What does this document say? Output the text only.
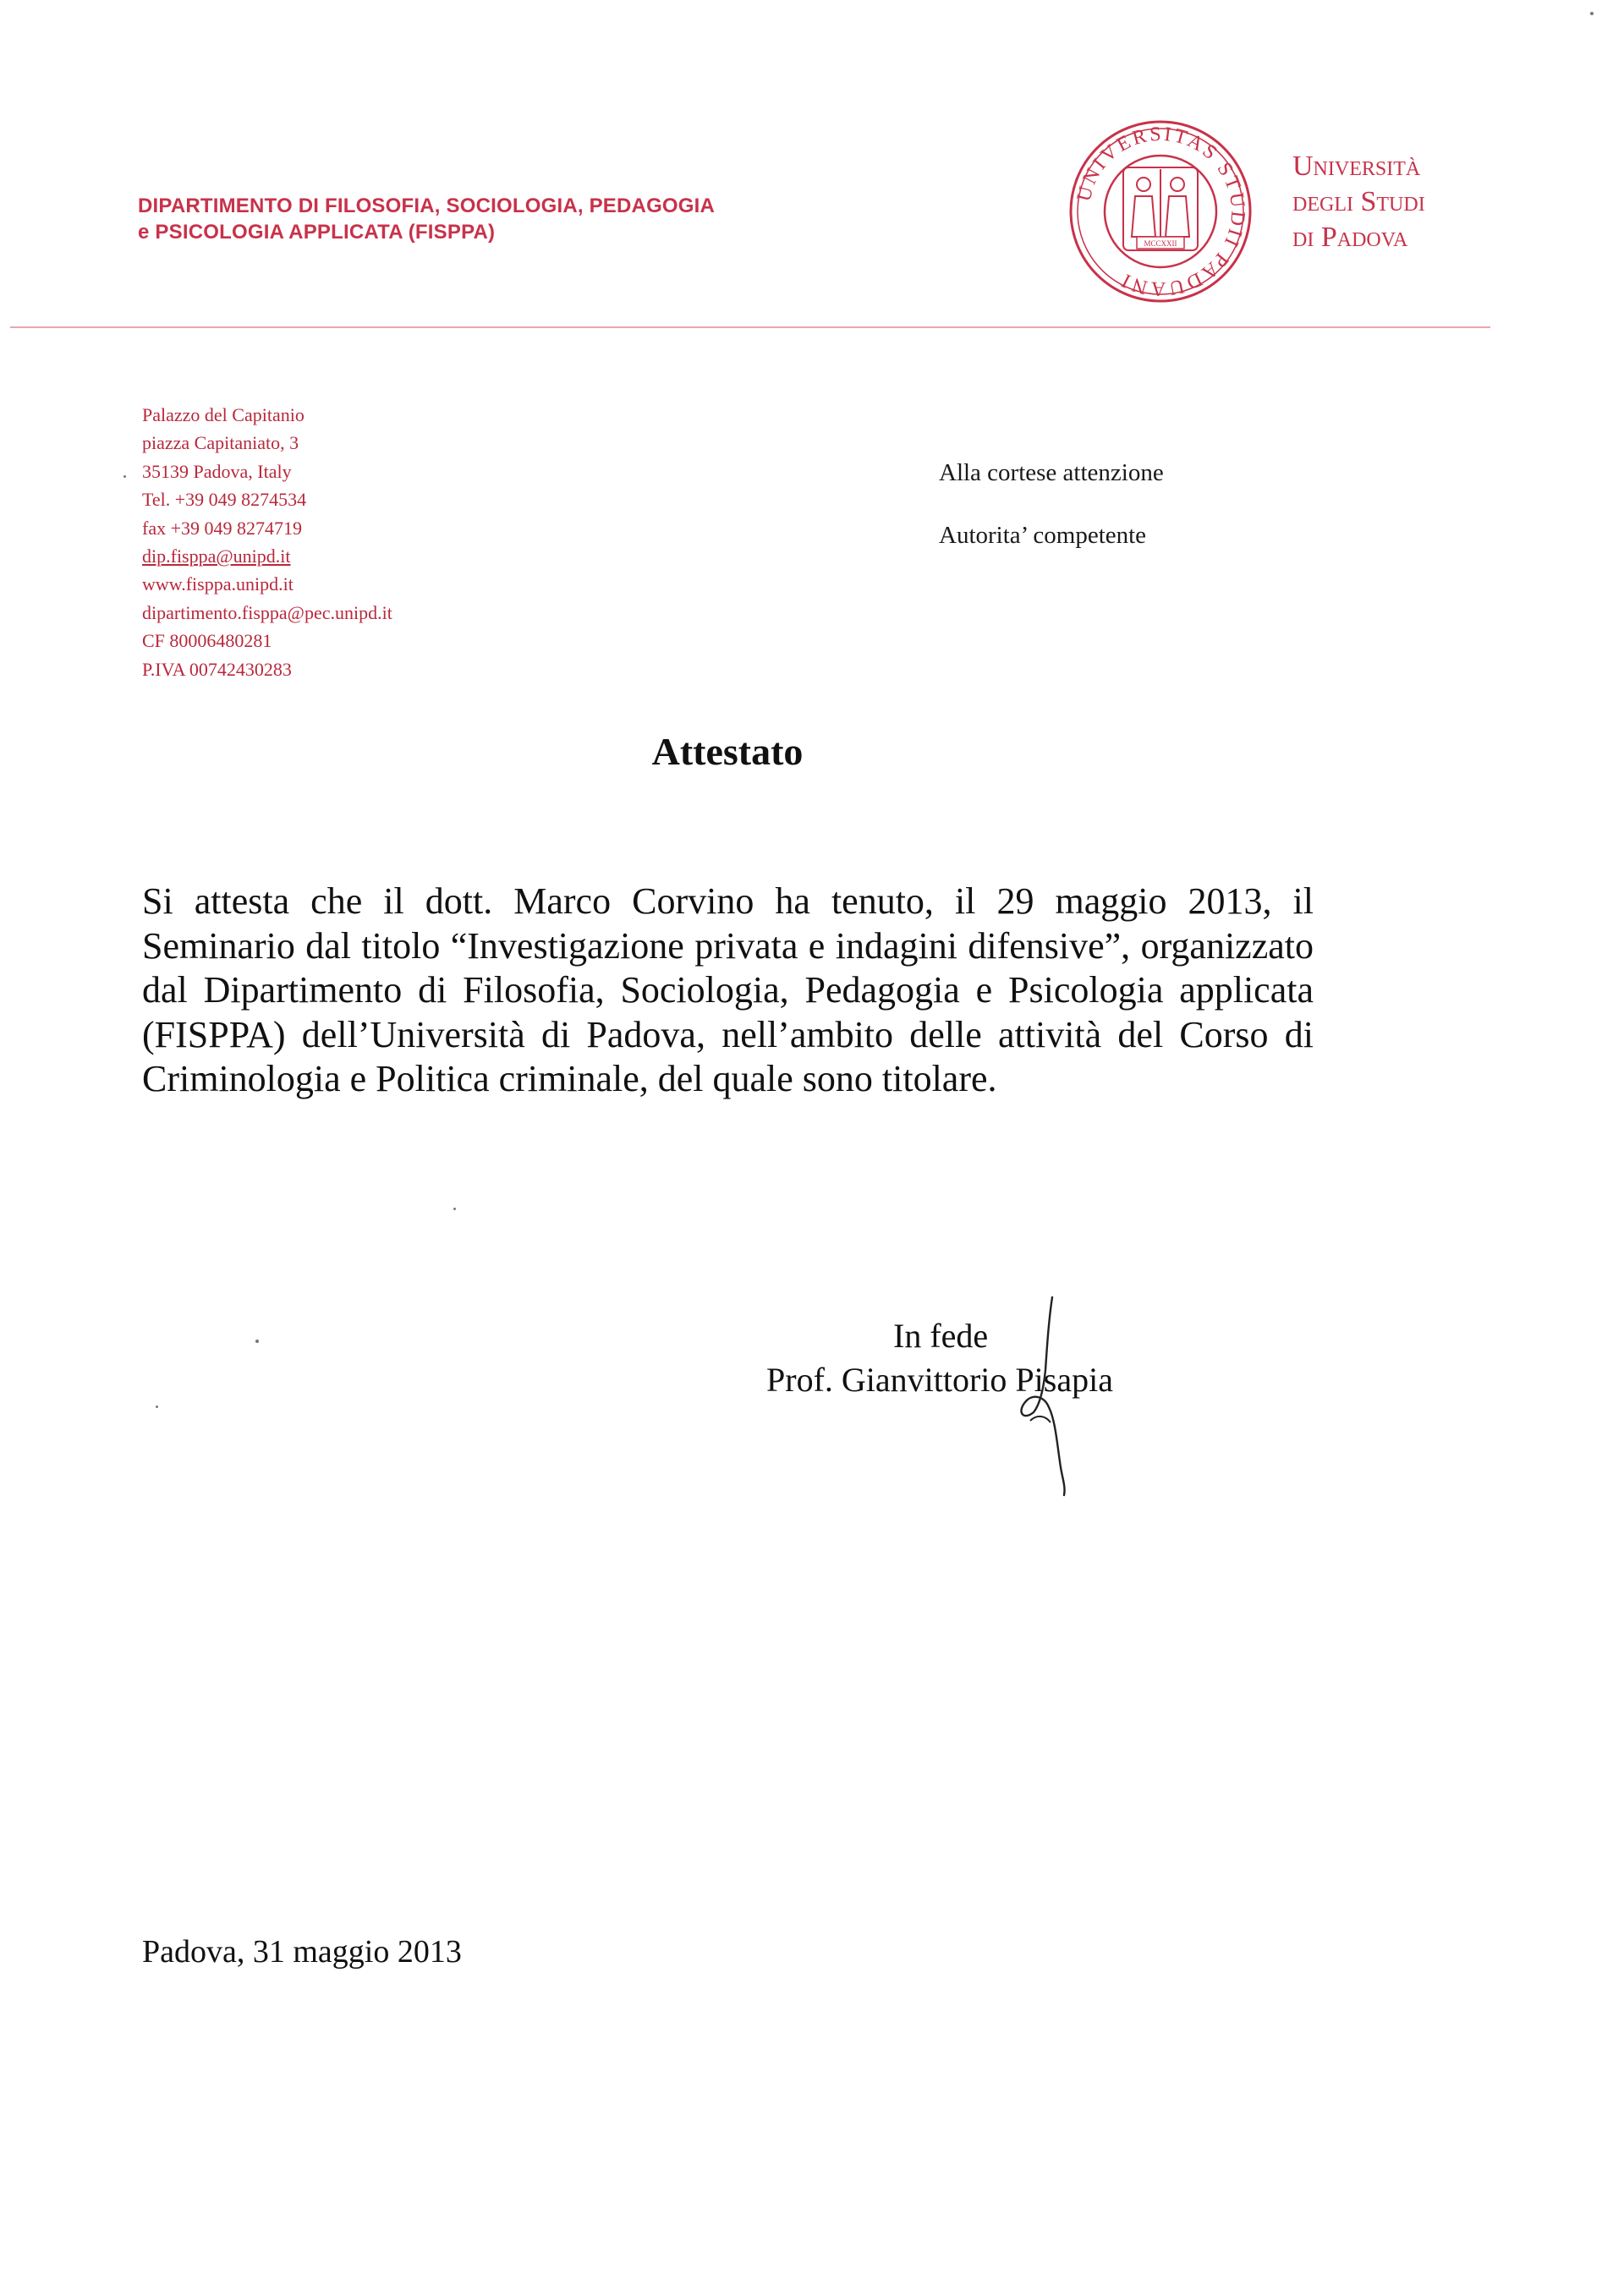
DIPARTIMENTO DI FILOSOFIA, SOCIOLOGIA, PEDAGOGIA
e PSICOLOGIA APPLICATA (FISPPA)
UNIVERSITAS STUDII PADUANI
MCCXXII
Università
degli Studi
di Padova
Palazzo del Capitanio
piazza Capitaniato, 3
35139 Padova, Italy
Tel. +39 049 8274534
fax +39 049 8274719
dip.fisppa@unipd.it
www.fisppa.unipd.it
dipartimento.fisppa@pec.unipd.it
CF 80006480281
P.IVA 00742430283
Alla cortese attenzione
Autorita’ competente
Attestato
Si attesta che il dott. Marco Corvino ha tenuto, il 29 maggio 2013, il Seminario dal titolo “Investigazione privata e indagini difensive”, organizzato dal Dipartimento di Filosofia, Sociologia, Pedagogia e Psicologia applicata (FISPPA) dell’Università di Padova, nell’ambito delle attività del Corso di Criminologia e Politica criminale, del quale sono titolare.
In fede
Prof. Gianvittorio Pisapia
Padova, 31 maggio 2013
